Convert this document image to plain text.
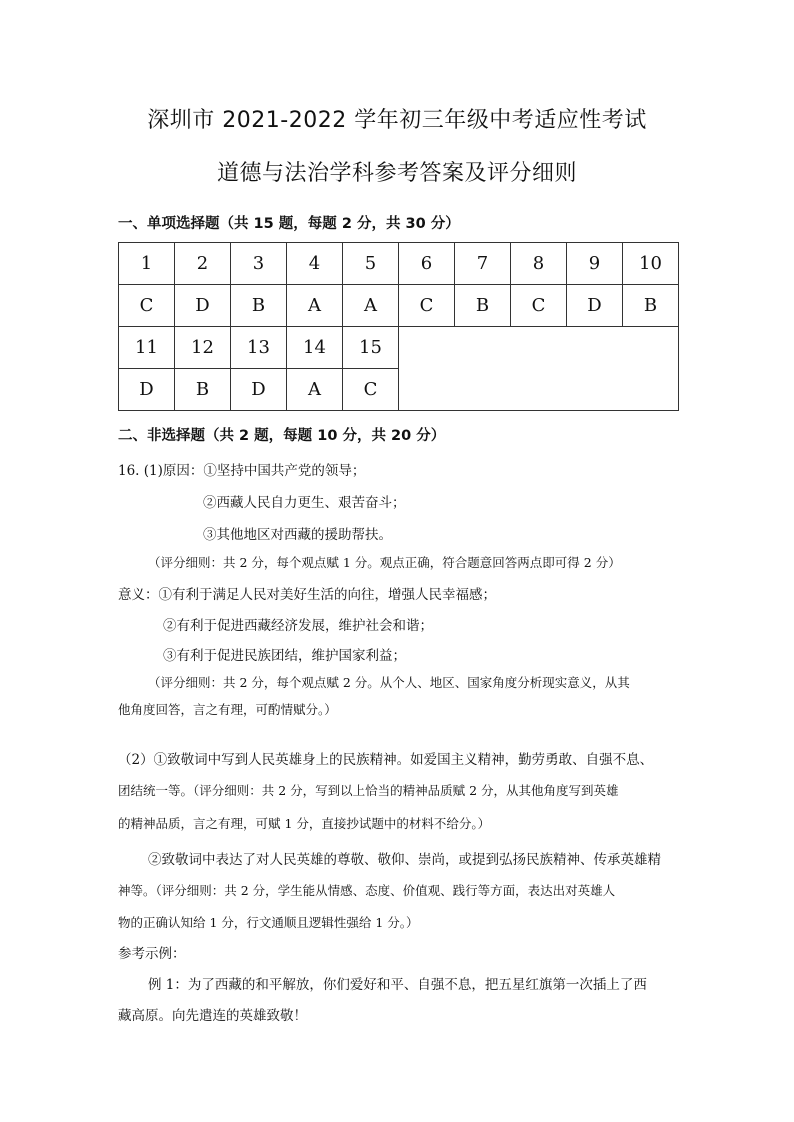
深圳市 2021-2022 学年初三年级中考适应性考试
道德与法治学科参考答案及评分细则
一、单项选择题（共 15 题，每题 2 分，共 30 分）
1	2	3	4	5	6	7	8	9	10
C	D	B	A	A	C	B	C	D	B
11	12	13	14	15					
D	B	D	A	C					
二、非选择题（共 2 题，每题 10 分，共 20 分）
16. (1)原因：①坚持中国共产党的领导；
②西藏人民自力更生、艰苦奋斗；
③其他地区对西藏的援助帮扶。
（评分细则：共 2 分，每个观点赋 1 分。观点正确，符合题意回答两点即可得 2 分）
意义：①有利于满足人民对美好生活的向往，增强人民幸福感；
②有利于促进西藏经济发展，维护社会和谐；
③有利于促进民族团结，维护国家利益；
（评分细则：共 2 分，每个观点赋 2 分。从个人、地区、国家角度分析现实意义，从其
他角度回答，言之有理，可酌情赋分。）
（2）①致敬词中写到人民英雄身上的民族精神。如爱国主义精神，勤劳勇敢、自强不息、
团结统一等。（评分细则：共 2 分，写到以上恰当的精神品质赋 2 分，从其他角度写到英雄
的精神品质，言之有理，可赋 1 分，直接抄试题中的材料不给分。）
②致敬词中表达了对人民英雄的尊敬、敬仰、崇尚，或提到弘扬民族精神、传承英雄精
神等。（评分细则：共 2 分，学生能从情感、态度、价值观、践行等方面，表达出对英雄人
物的正确认知给 1 分，行文通顺且逻辑性强给 1 分。）
参考示例：
例 1：为了西藏的和平解放，你们爱好和平、自强不息，把五星红旗第一次插上了西
藏高原。向先遣连的英雄致敬！
